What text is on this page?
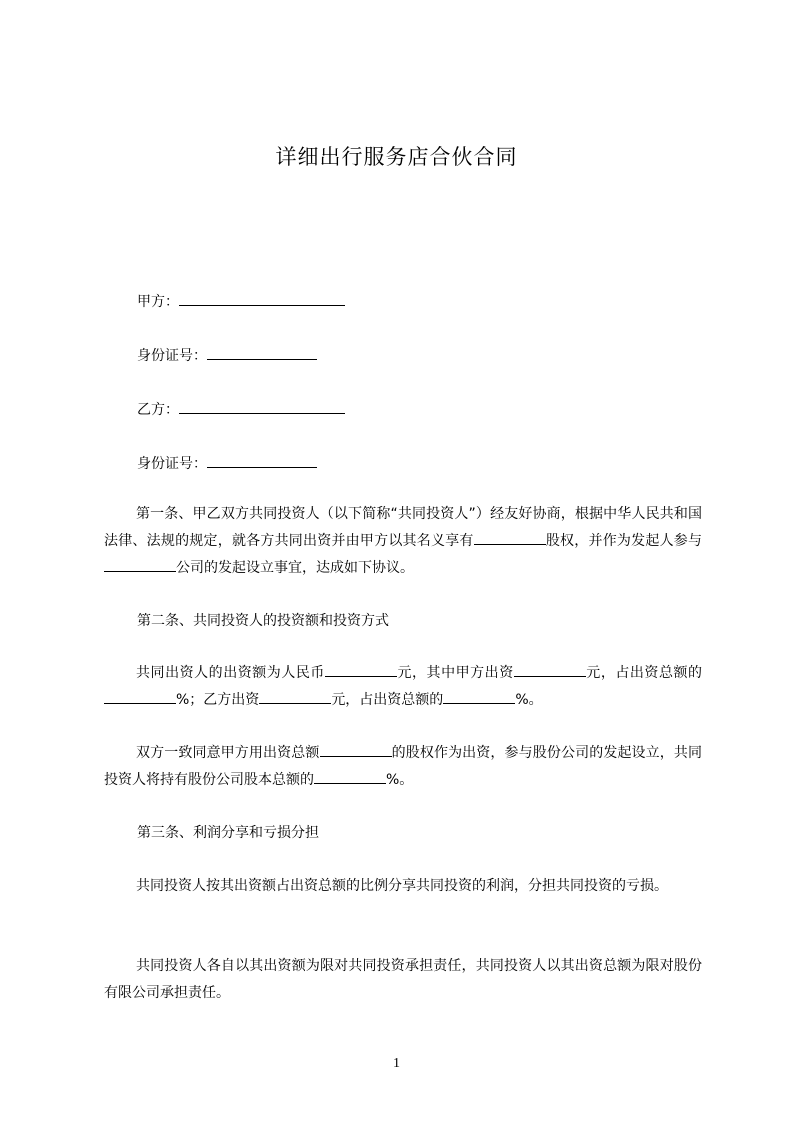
详细出行服务店合伙合同
甲方：
身份证号：
乙方：
身份证号：
第一条、甲乙双方共同投资人（以下简称“共同投资人”）经友好协商，根据中华人民共和国法律、法规的规定，就各方共同出资并由甲方以其名义享有	股权，并作为发起人参与公司的发起设立事宜，达成如下协议。
第二条、共同投资人的投资额和投资方式
共同出资人的出资额为人民币	元，其中甲方出资	元，占出资总额的%；乙方出资	元，占出资总额的	%。
双方一致同意甲方用出资总额	的股权作为出资，参与股份公司的发起设立，共同投资人将持有股份公司股本总额的	%。
第三条、利润分享和亏损分担
共同投资人按其出资额占出资总额的比例分享共同投资的利润，分担共同投资的亏损。
共同投资人各自以其出资额为限对共同投资承担责任，共同投资人以其出资总额为限对股份有限公司承担责任。
1
